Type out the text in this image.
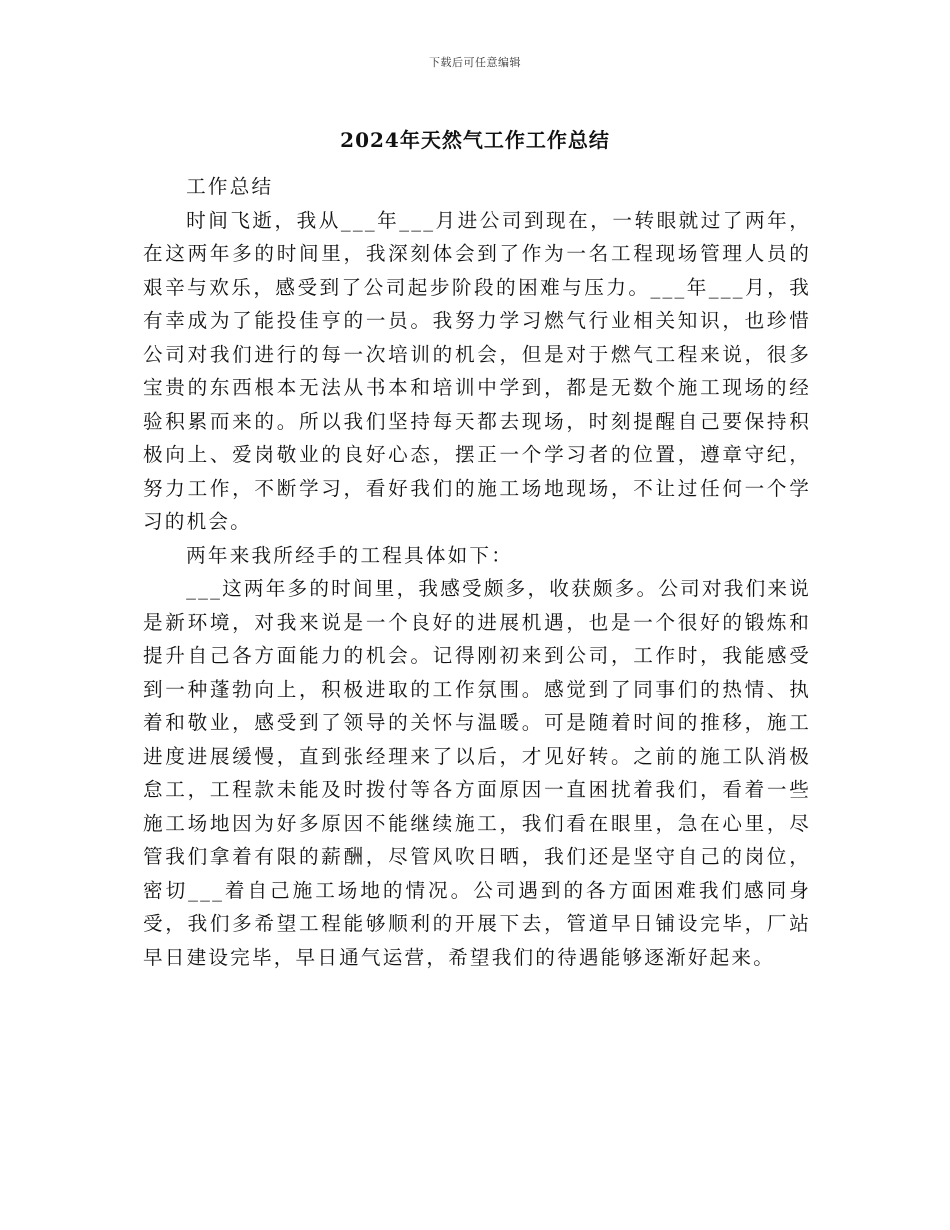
下载后可任意编辑
2024年天然气工作工作总结

工作总结

时间飞逝，我从___年___月进公司到现在，一转眼就过了两年，在这两年多的时间里，我深刻体会到了作为一名工程现场管理人员的艰辛与欢乐，感受到了公司起步阶段的困难与压力。___年___月，我有幸成为了能投佳亨的一员。我努力学习燃气行业相关知识，也珍惜公司对我们进行的每一次培训的机会，但是对于燃气工程来说，很多宝贵的东西根本无法从书本和培训中学到，都是无数个施工现场的经验积累而来的。所以我们坚持每天都去现场，时刻提醒自己要保持积极向上、爱岗敬业的良好心态，摆正一个学习者的位置，遵章守纪，努力工作，不断学习，看好我们的施工场地现场，不让过任何一个学习的机会。

两年来我所经手的工程具体如下：

___这两年多的时间里，我感受颇多，收获颇多。公司对我们来说是新环境，对我来说是一个良好的进展机遇，也是一个很好的锻炼和提升自己各方面能力的机会。记得刚初来到公司，工作时，我能感受到一种蓬勃向上，积极进取的工作氛围。感觉到了同事们的热情、执着和敬业，感受到了领导的关怀与温暖。可是随着时间的推移，施工进度进展缓慢，直到张经理来了以后，才见好转。之前的施工队消极怠工，工程款未能及时拨付等各方面原因一直困扰着我们，看着一些施工场地因为好多原因不能继续施工，我们看在眼里，急在心里，尽管我们拿着有限的薪酬，尽管风吹日晒，我们还是坚守自己的岗位，密切___着自己施工场地的情况。公司遇到的各方面困难我们感同身受，我们多希望工程能够顺利的开展下去，管道早日铺设完毕，厂站早日建设完毕，早日通气运营，希望我们的待遇能够逐渐好起来。
